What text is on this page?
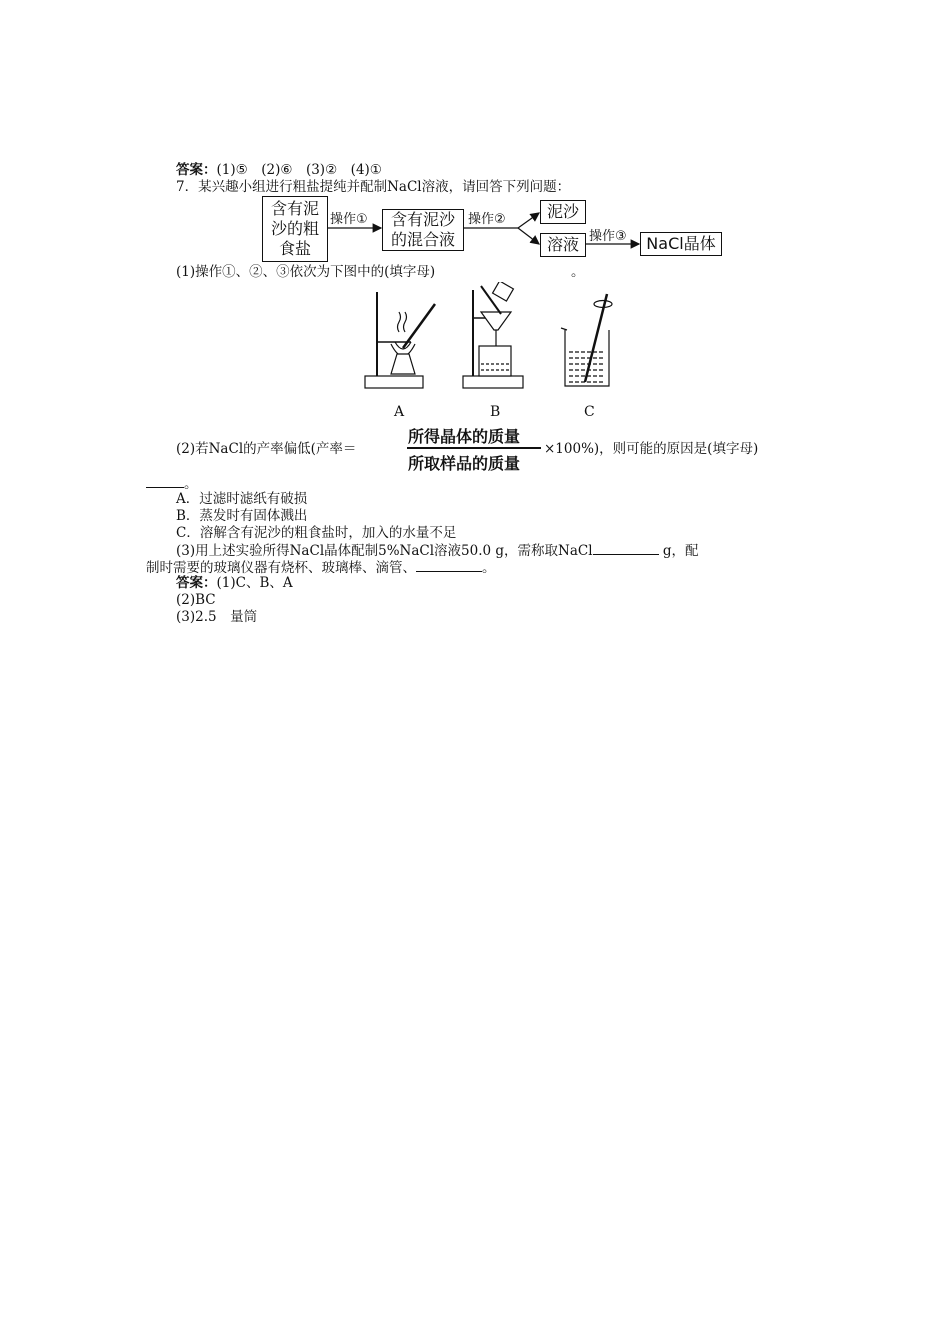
答案：(1)⑤　(2)⑥　(3)②　(4)①
7．某兴趣小组进行粗盐提纯并配制NaCl溶液，请回答下列问题：
含有泥
沙的粗
食盐
操作① 含有泥沙
的混合液
操作②	泥沙
溶液 操作③	NaCl晶体
(1)操作①、②、③依次为下图中的(填字母)	。
A	B	C
(2)若NaCl的产率偏低(产率＝
所得晶体的质量
所取样品的质量
×100%)，则可能的原因是(填字母)
。
A．过滤时滤纸有破损
B．蒸发时有固体溅出
C．溶解含有泥沙的粗食盐时，加入的水量不足
(3)用上述实验所得NaCl晶体配制5%NaCl溶液50.0 g，需称取NaCl	g，配
制时需要的玻璃仪器有烧杯、玻璃棒、滴管、	。
答案：(1)C、B、A
(2)BC
(3)2.5　量筒
